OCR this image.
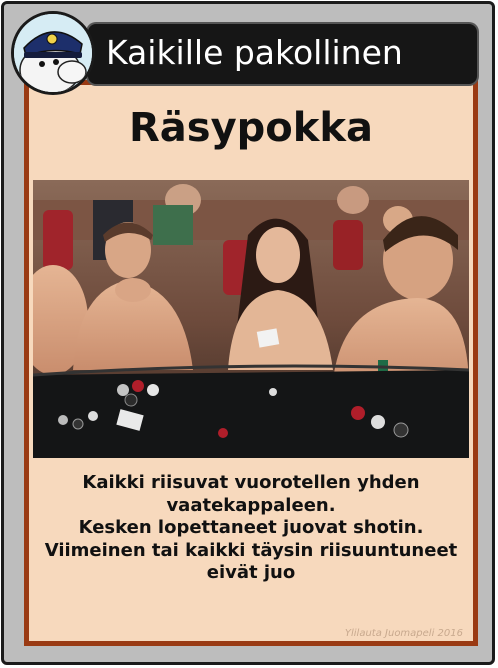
Räsypokka
Kaikki riisuvat vuorotellen yhden
vaatekappaleen.
Kesken lopettaneet juovat shotin.
Viimeinen tai kaikki täysin riisuuntuneet
eivät juo
Ylilauta Juomapeli 2016
Kaikille pakollinen
